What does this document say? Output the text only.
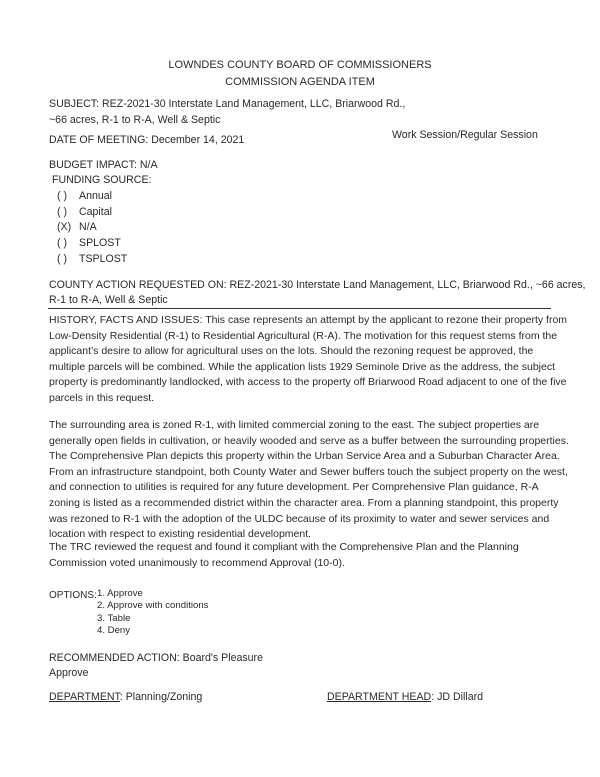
LOWNDES COUNTY BOARD OF COMMISSIONERS
COMMISSION AGENDA ITEM
SUBJECT: REZ-2021-30 Interstate Land Management, LLC, Briarwood Rd.,
~66 acres, R-1 to R-A, Well & Septic
DATE OF MEETING: December 14, 2021	Work Session/Regular Session
BUDGET IMPACT: N/A
FUNDING SOURCE:
( )	Annual
( )	Capital
(X) N/A
( )	SPLOST
( )	TSPLOST
COUNTY ACTION REQUESTED ON: REZ-2021-30 Interstate Land Management, LLC, Briarwood Rd., ~66 acres,
R-1 to R-A, Well & Septic
HISTORY, FACTS AND ISSUES: This case represents an attempt by the applicant to rezone their property from Low-Density Residential (R-1) to Residential Agricultural (R-A). The motivation for this request stems from the applicant’s desire to allow for agricultural uses on the lots. Should the rezoning request be approved, the multiple parcels will be combined. While the application lists 1929 Seminole Drive as the address, the subject property is predominantly landlocked, with access to the property off Briarwood Road adjacent to one of the five parcels in this request.
The surrounding area is zoned R-1, with limited commercial zoning to the east. The subject properties are generally open fields in cultivation, or heavily wooded and serve as a buffer between the surrounding properties. The Comprehensive Plan depicts this property within the Urban Service Area and a Suburban Character Area. From an infrastructure standpoint, both County Water and Sewer buffers touch the subject property on the west, and connection to utilities is required for any future development. Per Comprehensive Plan guidance, R-A zoning is listed as a recommended district within the character area. From a planning standpoint, this property was rezoned to R-1 with the adoption of the ULDC because of its proximity to water and sewer services and location with respect to existing residential development.
The TRC reviewed the request and found it compliant with the Comprehensive Plan and the Planning Commission voted unanimously to recommend Approval (10-0).
OPTIONS: 1. Approve
2. Approve with conditions
3. Table
4. Deny
RECOMMENDED ACTION: Board's Pleasure
Approve
DEPARTMENT: Planning/Zoning	DEPARTMENT HEAD: JD Dillard
